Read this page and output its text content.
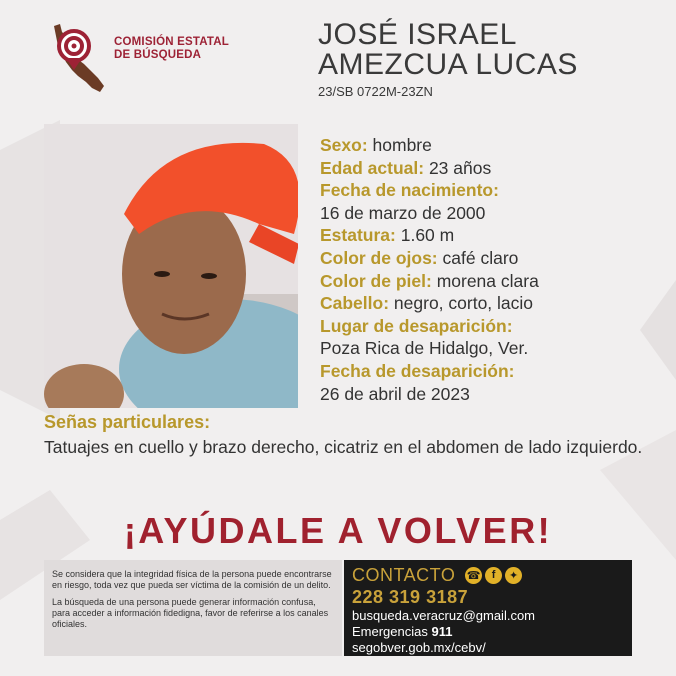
COMISIÓN ESTATAL
DE BÚSQUEDA
JOSÉ ISRAEL
AMEZCUA LUCAS
23/SB 0722M-23ZN
Sexo: hombre
Edad actual: 23 años
Fecha de nacimiento:
16 de marzo de 2000
Estatura: 1.60 m
Color de ojos: café claro
Color de piel: morena clara
Cabello: negro, corto, lacio
Lugar de desaparición:
Poza Rica de Hidalgo, Ver.
Fecha de desaparición:
26 de abril de 2023
Señas particulares:
Tatuajes en cuello y brazo derecho, cicatriz en el abdomen de lado izquierdo.
¡AYÚDALE A VOLVER!

Se considera que la integridad física de la persona puede encontrarse en riesgo, toda vez que pueda ser víctima de la comisión de un delito.

La búsqueda de una persona puede generar información confusa, para acceder a información fidedigna, favor de referirse a los canales oficiales.

CONTACTO ☎ f	✦
228 319 3187
busqueda.veracruz@gmail.com
Emergencias 911
segobver.gob.mx/cebv/
